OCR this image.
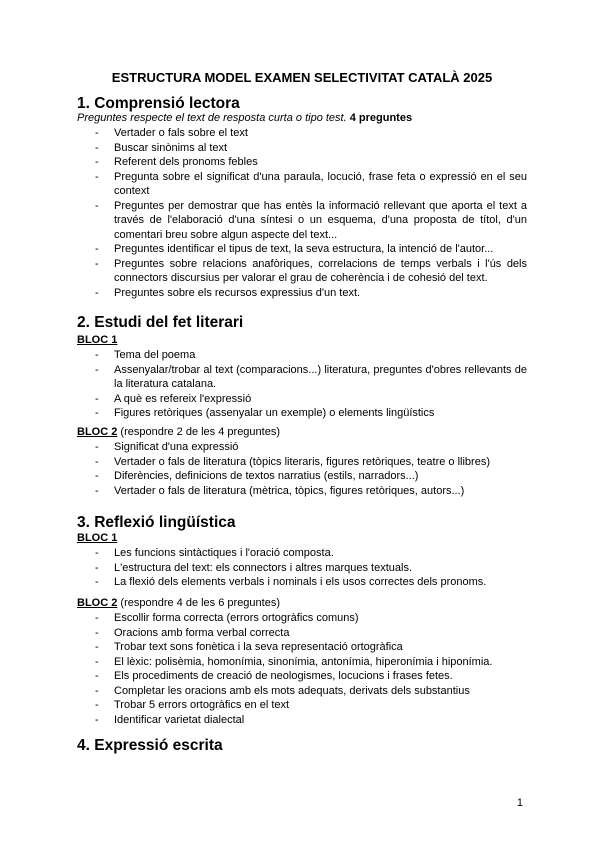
ESTRUCTURA MODEL EXAMEN SELECTIVITAT CATALÀ 2025
1. Comprensió lectora
Preguntes respecte el text de resposta curta o tipo test. 4 preguntes
- Vertader o fals sobre el text
- Buscar sinònims al text
- Referent dels pronoms febles
- Pregunta sobre el significat d'una paraula, locució, frase feta o expressió en el seu context
- Preguntes per demostrar que has entès la informació rellevant que aporta el text a través de l'elaboració d'una síntesi o un esquema, d'una proposta de títol, d'un comentari breu sobre algun aspecte del text...
- Preguntes identificar el tipus de text, la seva estructura, la intenció de l'autor...
- Preguntes sobre relacions anafòriques, correlacions de temps verbals i l'ús dels connectors discursius per valorar el grau de coherència i de cohesió del text.
- Preguntes sobre els recursos expressius d'un text.
2. Estudi del fet literari
BLOC 1
- Tema del poema
- Assenyalar/trobar al text (comparacions...) literatura, preguntes d'obres rellevants de la literatura catalana.
- A què es refereix l'expressió
- Figures retòriques (assenyalar un exemple) o elements lingüístics
BLOC 2 (respondre 2 de les 4 preguntes)
- Significat d'una expressió
- Vertader o fals de literatura (tòpics literaris, figures retòriques, teatre o llibres)
- Diferències, definicions de textos narratius (estils, narradors...)
- Vertader o fals de literatura (mètrica, tòpics, figures retòriques, autors...)
3. Reflexió lingüística
BLOC 1
- Les funcions sintàctiques i l'oració composta.
- L'estructura del text: els connectors i altres marques textuals.
- La flexió dels elements verbals i nominals i els usos correctes dels pronoms.
BLOC 2 (respondre 4 de les 6 preguntes)
- Escollir forma correcta (errors ortogràfics comuns)
- Oracions amb forma verbal correcta
- Trobar text sons fonètica i la seva representació ortogràfica
- El lèxic: polisèmia, homonímia, sinonímia, antonímia, hiperonímia i hiponímia.
- Els procediments de creació de neologismes, locucions i frases fetes.
- Completar les oracions amb els mots adequats, derivats dels substantius
- Trobar 5 errors ortogràfics en el text
- Identificar varietat dialectal
4. Expressió escrita
1
